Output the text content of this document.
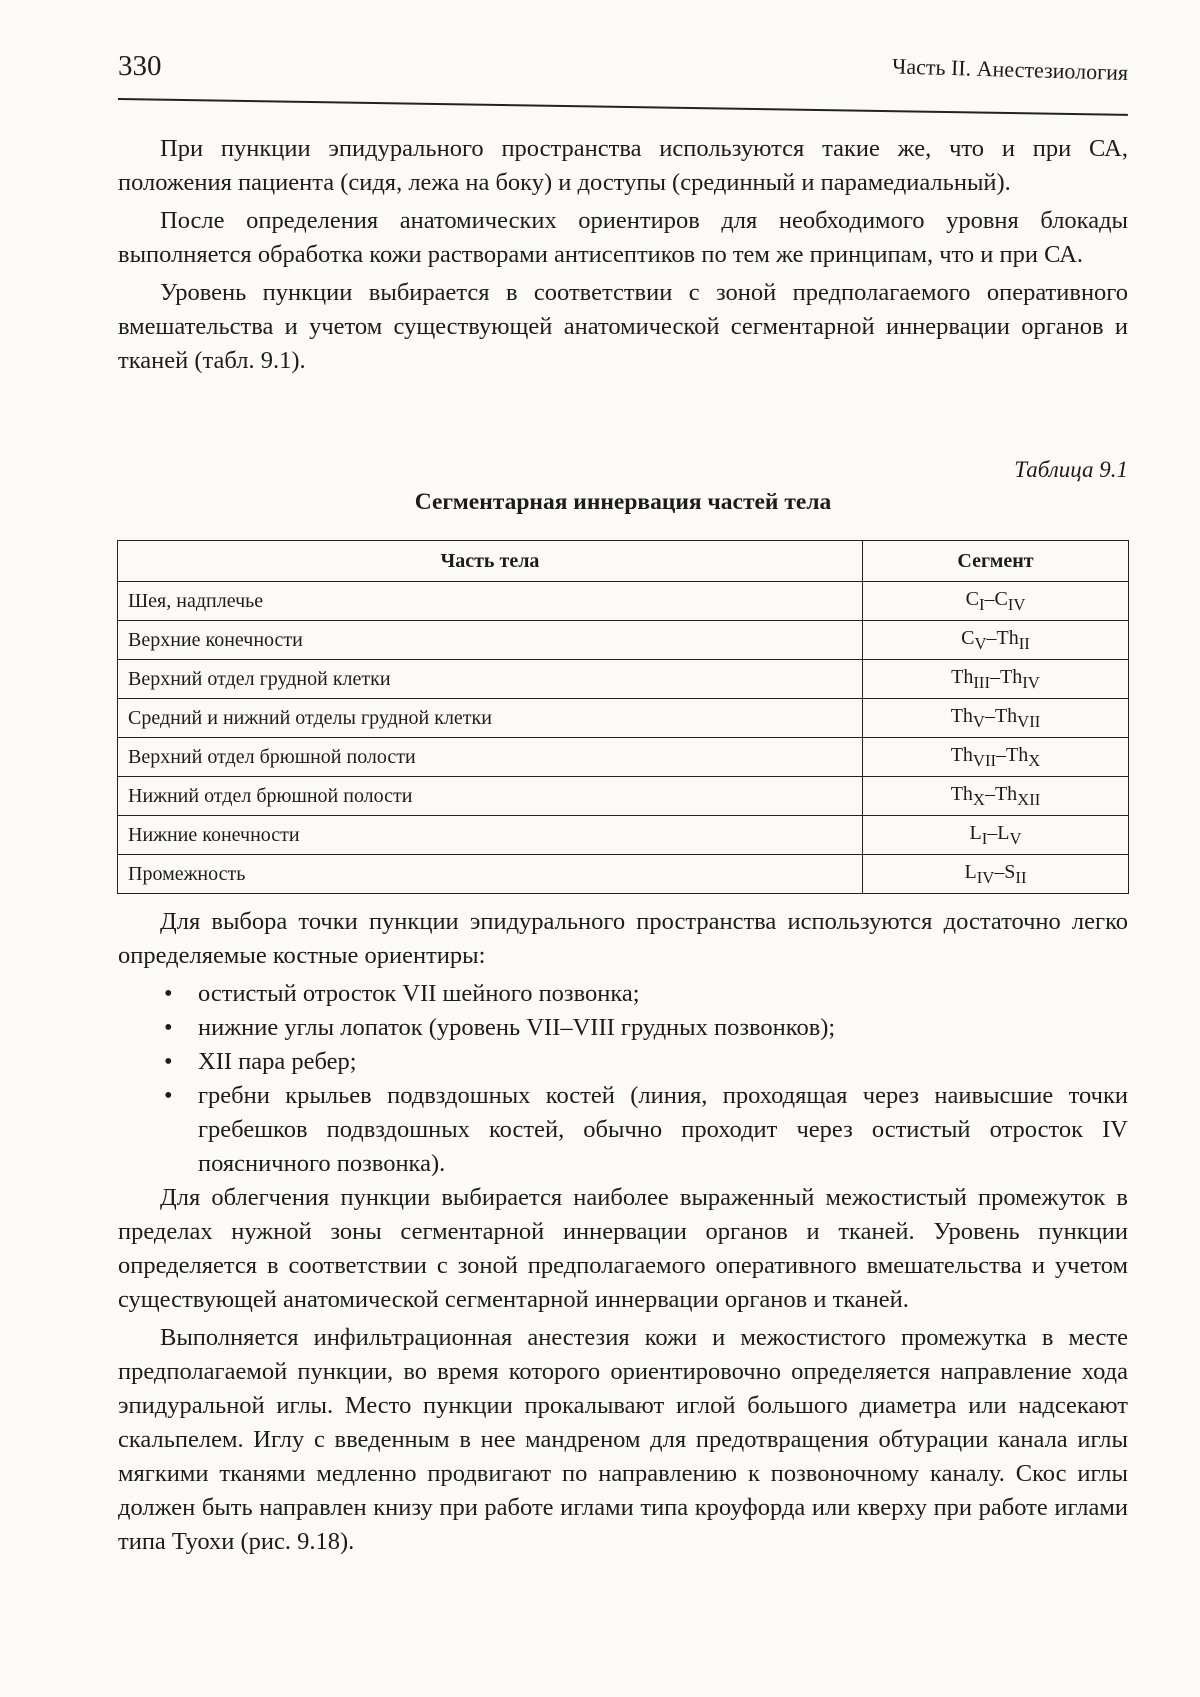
330	Часть II. Анестезиология

При пункции эпидурального пространства используются такие же, что и при СА, положения пациента (сидя, лежа на боку) и доступы (срединный и парамедиальный).

После определения анатомических ориентиров для необходимого уровня блокады выполняется обработка кожи растворами антисептиков по тем же принципам, что и при СА.

Уровень пункции выбирается в соответствии с зоной предполагаемого оперативного вмешательства и учетом существующей анатомической сегментарной иннервации органов и тканей (табл. 9.1).

Таблица 9.1
Сегментарная иннервация частей тела
Часть тела	Сегмент
Шея, надплечье	$C_I-C_{IV}$
Верхние конечности	$C_V-Th_{II}$
Верхний отдел грудной клетки	$Th_{III}-Th_{IV}$
Средний и нижний отделы грудной клетки	$Th_V-Th_{VII}$
Верхний отдел брюшной полости	$Th_{VII}-Th_X$
Нижний отдел брюшной полости	$Th_X-Th_{XII}$
Нижние конечности	$L_I-L_V$
Промежность	$L_{IV}-S_{II}$

Для выбора точки пункции эпидурального пространства используются достаточно легко определяемые костные ориентиры:

• остистый отросток VII шейного позвонка;
• нижние углы лопаток (уровень VII–VIII грудных позвонков);
• XII пара ребер;
• гребни крыльев подвздошных костей (линия, проходящая через наивысшие точки гребешков подвздошных костей, обычно проходит через остистый отросток IV поясничного позвонка).

Для облегчения пункции выбирается наиболее выраженный межостистый промежуток в пределах нужной зоны сегментарной иннервации органов и тканей. Уровень пункции определяется в соответствии с зоной предполагаемого оперативного вмешательства и учетом существующей анатомической сегментарной иннервации органов и тканей.

Выполняется инфильтрационная анестезия кожи и межостистого промежутка в месте предполагаемой пункции, во время которого ориентировочно определяется направление хода эпидуральной иглы. Место пункции прокалывают иглой большого диаметра или надсекают скальпелем. Иглу с введенным в нее мандреном для предотвращения обтурации канала иглы мягкими тканями медленно продвигают по направлению к позвоночному каналу. Скос иглы должен быть направлен книзу при работе иглами типа кроуфорда или кверху при работе иглами типа Туохи (рис. 9.18).
